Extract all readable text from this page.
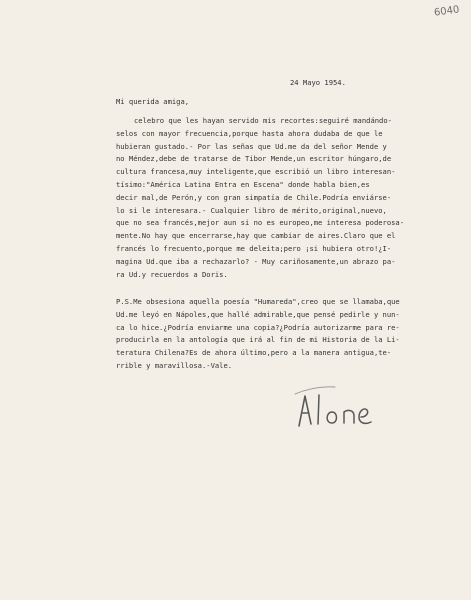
6040
24 Mayo 1954.
Mi querida amiga,
celebro que les hayan servido mis recortes:seguiré mandándo-
selos con mayor frecuencia,porque hasta ahora dudaba de que le
hubieran gustado.- Por las señas que Ud.me da del señor Mende y
no Méndez,debe de tratarse de Tibor Mende,un escritor húngaro,de
cultura francesa,muy inteligente,que escribió un libro interesan-
tísimo:"América Latina Entra en Escena" donde habla bien,es
decir mal,de Perón,y con gran simpatía de Chile.Podría enviárse-
lo si le interesara.- Cualquier libro de mérito,original,nuevo,
que no sea francés,mejor aun si no es europeo,me interesa poderosa-
mente.No hay que encerrarse,hay que cambiar de aires.Claro que el
francés lo frecuento,porque me deleita;pero ¡si hubiera otro!¿I-
magina Ud.que iba a rechazarlo? - Muy cariñosamente,un abrazo pa-
ra Ud.y recuerdos a Doris.
P.S.Me obsesiona aquella poesía "Humareda",creo que se llamaba,que
Ud.me leyó en Nápoles,que hallé admirable,que pensé pedirle y nun-
ca lo hice.¿Podría enviarme una copia?¿Podría autorizarme para re-
producirla en la antología que irá al fin de mi Historia de la Li-
teratura Chilena?Es de ahora último,pero a la manera antigua,te-
rrible y maravillosa.-Vale.
